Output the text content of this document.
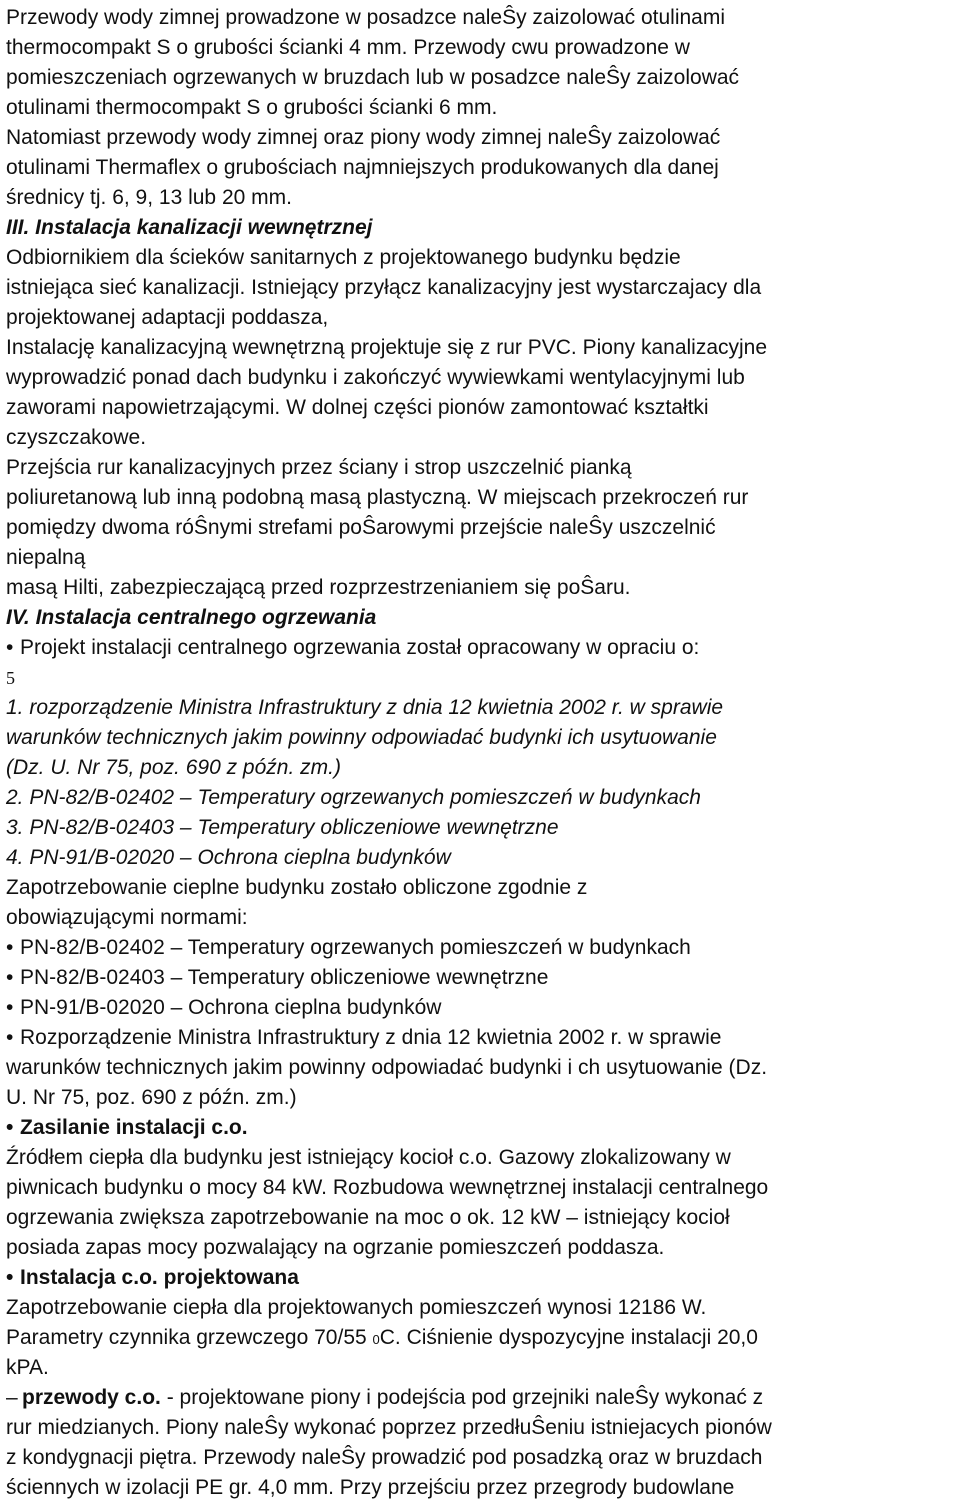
Przewody wody zimnej prowadzone w posadzce naleŜy zaizolować otulinami
thermocompakt S o grubości ścianki 4 mm. Przewody cwu prowadzone w
pomieszczeniach ogrzewanych w bruzdach lub w posadzce naleŜy zaizolować
otulinami thermocompakt S o grubości ścianki 6 mm.
Natomiast przewody wody zimnej oraz piony wody zimnej naleŜy zaizolować
otulinami Thermaflex o grubościach najmniejszych produkowanych dla danej
średnicy tj. 6, 9, 13 lub 20 mm.
III. Instalacja kanalizacji wewnętrznej
Odbiornikiem dla ścieków sanitarnych z projektowanego budynku będzie
istniejąca sieć kanalizacji. Istniejący przyłącz kanalizacyjny jest wystarczajacy dla
projektowanej adaptacji poddasza,
Instalację kanalizacyjną wewnętrzną projektuje się z rur PVC. Piony kanalizacyjne
wyprowadzić ponad dach budynku i zakończyć wywiewkami wentylacyjnymi lub
zaworami napowietrzającymi. W dolnej części pionów zamontować kształtki
czyszczakowe.
Przejścia rur kanalizacyjnych przez ściany i strop uszczelnić pianką
poliuretanową lub inną podobną masą plastyczną. W miejscach przekroczeń rur
pomiędzy dwoma róŜnymi strefami poŜarowymi przejście naleŜy uszczelnić
niepalną
masą Hilti, zabezpieczającą przed rozprzestrzenianiem się poŜaru.
IV. Instalacja centralnego ogrzewania
•Projekt instalacji centralnego ogrzewania został opracowany w opraciu o:
5
1. rozporządzenie Ministra Infrastruktury z dnia 12 kwietnia 2002 r. w sprawie
warunków technicznych jakim powinny odpowiadać budynki ich usytuowanie
(Dz. U. Nr 75, poz. 690 z późn. zm.)
2. PN-82/B-02402 – Temperatury ogrzewanych pomieszczeń w budynkach
3. PN-82/B-02403 – Temperatury obliczeniowe wewnętrzne
4. PN-91/B-02020 – Ochrona cieplna budynków
Zapotrzebowanie cieplne budynku zostało obliczone zgodnie z
obowiązującymi normami:
•PN-82/B-02402 – Temperatury ogrzewanych pomieszczeń w budynkach
•PN-82/B-02403 – Temperatury obliczeniowe wewnętrzne
•PN-91/B-02020 – Ochrona cieplna budynków
•Rozporządzenie Ministra Infrastruktury z dnia 12 kwietnia 2002 r. w sprawie
warunków technicznych jakim powinny odpowiadać budynki i ch usytuowanie (Dz.
U. Nr 75, poz. 690 z późn. zm.)
•Zasilanie instalacji c.o.
Źródłem ciepła dla budynku jest istniejący kocioł c.o. Gazowy zlokalizowany w
piwnicach budynku o mocy 84 kW. Rozbudowa wewnętrznej instalacji centralnego
ogrzewania zwiększa zapotrzebowanie na moc o ok. 12 kW – istniejący kocioł
posiada zapas mocy pozwalający na ogrzanie pomieszczeń poddasza.
•Instalacja c.o. projektowana
Zapotrzebowanie ciepła dla projektowanych pomieszczeń wynosi 12186 W.
Parametry czynnika grzewczego 70/55 0C. Ciśnienie dyspozycyjne instalacji 20,0
kPA.
–przewody c.o. - projektowane piony i podejścia pod grzejniki naleŜy wykonać z
rur miedzianych. Piony naleŜy wykonać poprzez przedłuŜeniu istniejacych pionów
z kondygnacji piętra. Przewody naleŜy prowadzić pod posadzką oraz w bruzdach
ściennych w izolacji PE gr. 4,0 mm. Przy przejściu przez przegrody budowlane
